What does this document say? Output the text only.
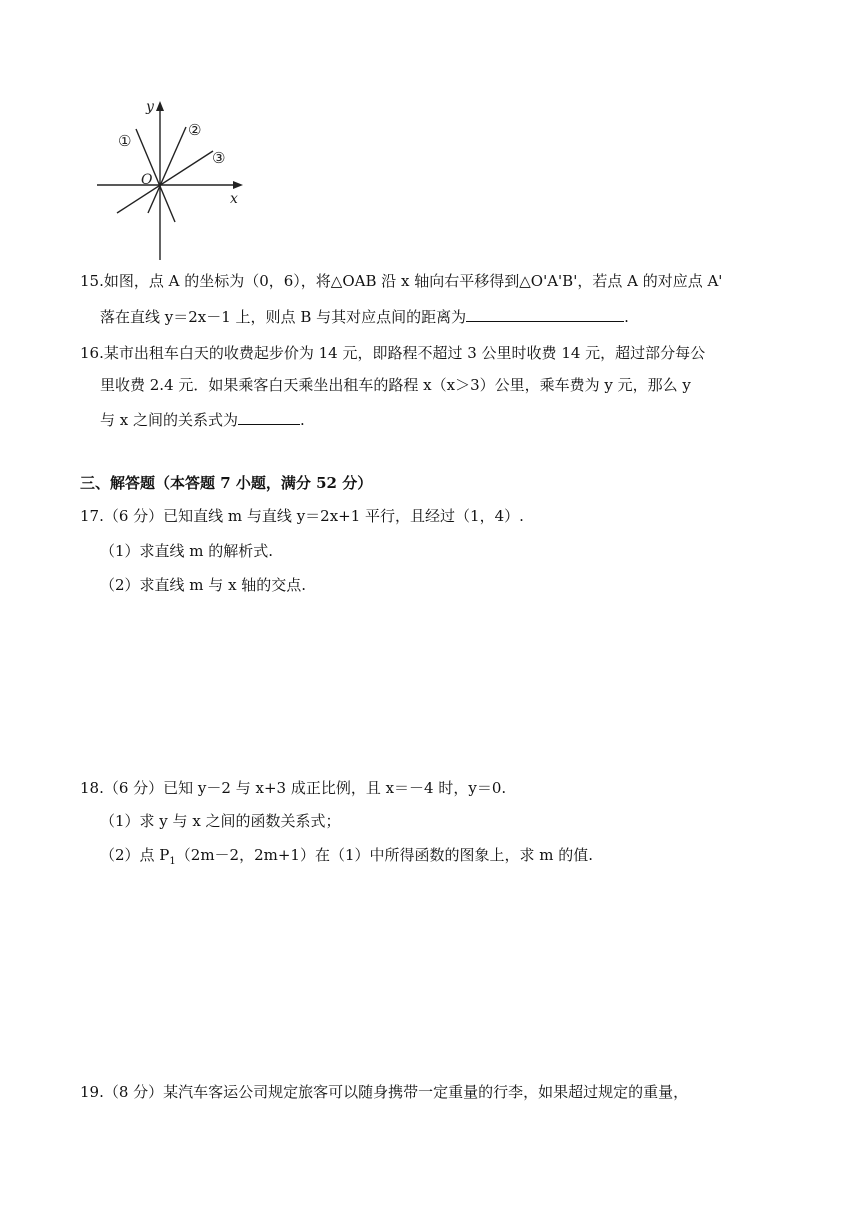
y
x
O
①
②
③
15.如图，点 A 的坐标为（0，6），将△OAB 沿 x 轴向右平移得到△O'A'B'，若点 A 的对应点 A'
落在直线 y＝2x－1 上，则点 B 与其对应点间的距离为	.
16.某市出租车白天的收费起步价为 14 元，即路程不超过 3 公里时收费 14 元，超过部分每公
里收费 2.4 元．如果乘客白天乘坐出租车的路程 x（x＞3）公里，乘车费为 y 元，那么 y
与 x 之间的关系式为	.
三、解答题（本答题 7 小题，满分 52 分）
17.（6 分）已知直线 m 与直线 y＝2x+1 平行，且经过（1，4）.
（1）求直线 m 的解析式.
（2）求直线 m 与 x 轴的交点.
18.（6 分）已知 y－2 与 x+3 成正比例，且 x＝－4 时，y＝0.
（1）求 y 与 x 之间的函数关系式；
（2）点 $P_1(2m-2$，2m+1）在（1）中所得函数的图象上，求 m 的值.
19.（8 分）某汽车客运公司规定旅客可以随身携带一定重量的行李，如果超过规定的重量，
